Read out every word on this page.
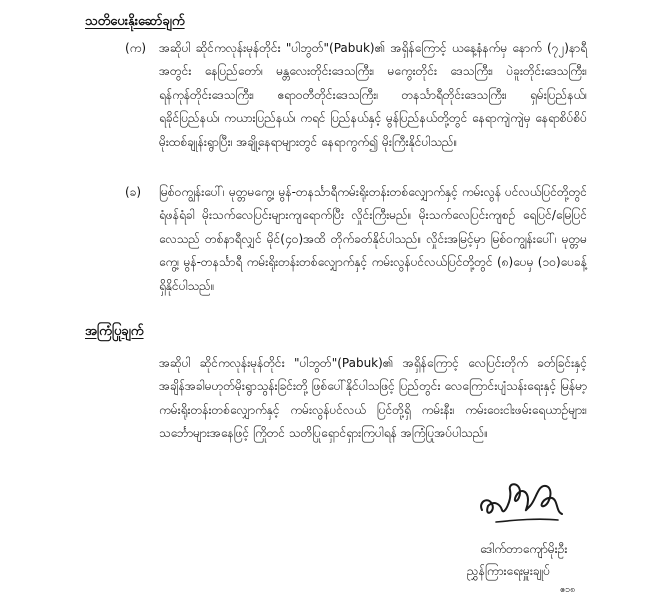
သတိပေးနိုးဆော်ချက်
(က) အဆိုပါ ဆိုင်ကလုန်းမုန်တိုင်း "ပါဘွတ်"(Pabuk)၏ အရှိန်ကြောင့် ယနေ့နံနက်မှ နောက် (၇၂)နာရီအတွင်း နေပြည်တော်၊ မန္တလေးတိုင်းဒေသကြီး၊ မကွေးတိုင်း ဒေသကြီး၊ ပဲခူးတိုင်းဒေသကြီး၊ ရန်ကုန်တိုင်းဒေသကြီး၊ ဧရာဝတီတိုင်းဒေသကြီး၊ တနင်္သာရီတိုင်းဒေသကြီး၊ ရှမ်းပြည်နယ်၊ ရခိုင်ပြည်နယ်၊ ကယားပြည်နယ်၊ ကရင် ပြည်နယ်နှင့် မွန်ပြည်နယ်တို့တွင် နေရာကျဲကျဲမှ နေရာစိပ်စိပ် မိုးထစ်ချုန်းရွာပြီး၊ အချို့နေရာများတွင် နေရာကွက်၍ မိုးကြီးနိုင်ပါသည်။
(ခ) မြစ်ဝကျွန်းပေါ်၊ မုတ္တမကွေ့၊ မွန်-တနင်္သာရီကမ်းရိုးတန်းတစ်လျှောက်နှင့် ကမ်းလွန် ပင်လယ်ပြင်တို့တွင် ရံဖန်ရံခါ မိုးသက်လေပြင်းများကျရောက်ပြီး လှိုင်းကြီးမည်။ မိုးသက်လေပြင်းကျစဉ် ရေပြင်/မြေပြင်လေသည် တစ်နာရီလျှင် မိုင်(၄၀)အထိ တိုက်ခတ်နိုင်ပါသည်။ လှိုင်းအမြင့်မှာ မြစ်ဝကျွန်းပေါ်၊ မုတ္တမကွေ့၊ မွန်-တနင်္သာရီ ကမ်းရိုးတန်းတစ်လျှောက်နှင့် ကမ်းလွန်ပင်လယ်ပြင်တို့တွင် (၈)ပေမှ (၁၀)ပေခန့် ရှိနိုင်ပါသည်။
အကြံပြုချက်
အဆိုပါ ဆိုင်ကလုန်းမုန်တိုင်း "ပါဘွတ်"(Pabuk)၏ အရှိန်ကြောင့် လေပြင်းတိုက် ခတ်ခြင်းနှင့် အချိန်အခါမဟုတ်မိုးရွာသွန်းခြင်းတို့ ဖြစ်ပေါ်နိုင်ပါသဖြင့် ပြည်တွင်း လေကြောင်းပျံသန်းရေးနှင့် မြန်မာ့ကမ်းရိုးတန်းတစ်လျှောက်နှင့် ကမ်းလွန်ပင်လယ် ပြင်တို့ရှိ ကမ်းနီး၊ ကမ်းဝေးငါးဖမ်းရေယာဉ်များ၊ သင်္ဘောများအနေဖြင့် ကြိုတင် သတိပြုရှောင်ရှားကြပါရန် အကြံပြုအပ်ပါသည်။
ဒေါက်တာကျော်မိုးဦး
ညွှန်ကြားရေးမှူးချုပ်
ဧ၁၈
